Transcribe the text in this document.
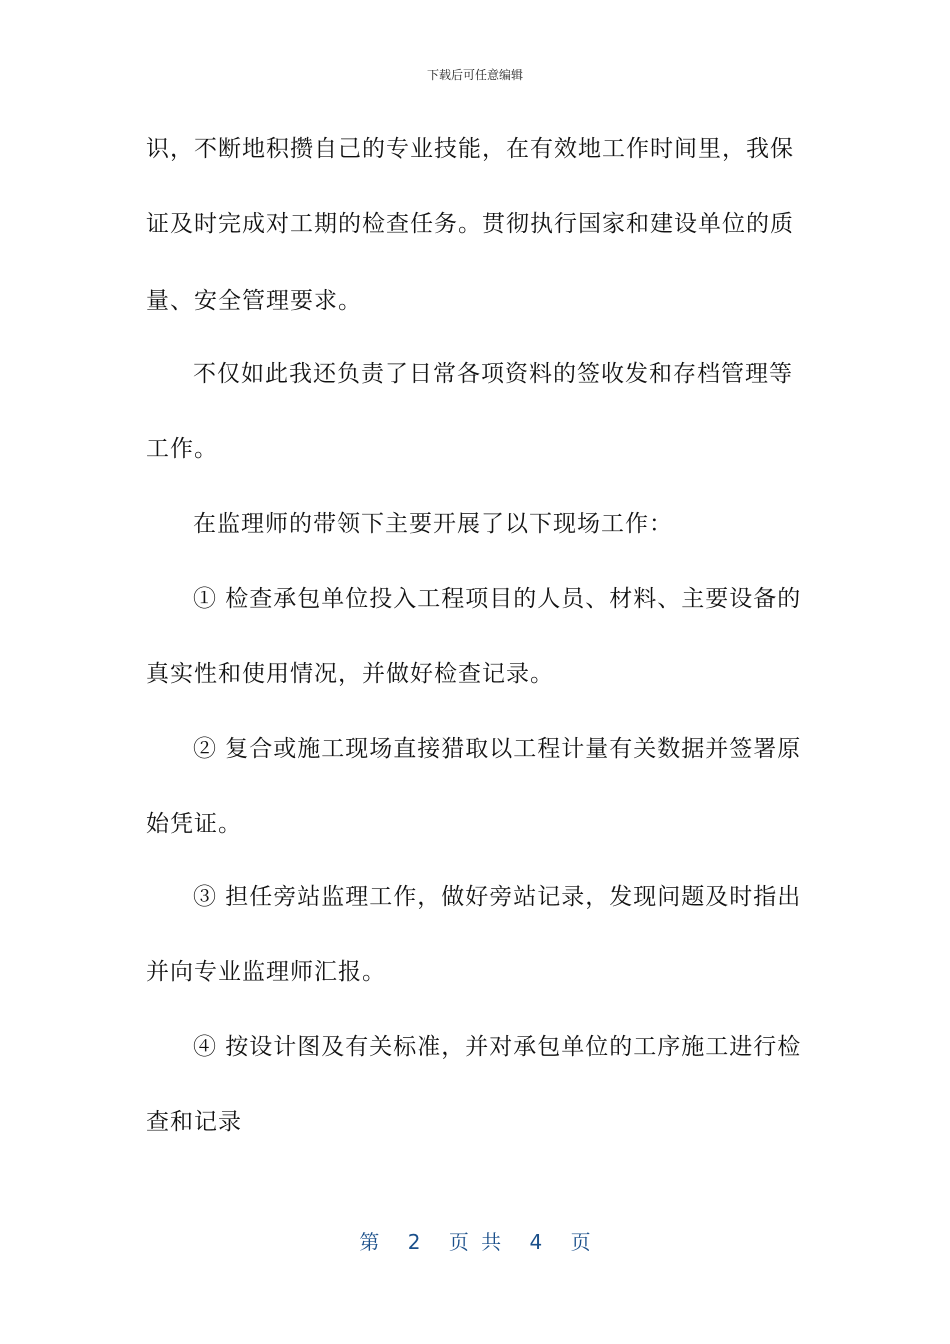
下载后可任意编辑
识，不断地积攒自己的专业技能，在有效地工作时间里，我保
证及时完成对工期的检查任务。贯彻执行国家和建设单位的质
量、安全管理要求。
不仅如此我还负责了日常各项资料的签收发和存档管理等
工作。
在监理师的带领下主要开展了以下现场工作：
① 检查承包单位投入工程项目的人员、材料、主要设备的
真实性和使用情况，并做好检查记录。
② 复合或施工现场直接猎取以工程计量有关数据并签署原
始凭证。
③ 担任旁站监理工作，做好旁站记录，发现问题及时指出
并向专业监理师汇报。
④ 按设计图及有关标准，并对承包单位的工序施工进行检
查和记录
第 2 页 共 4 页
